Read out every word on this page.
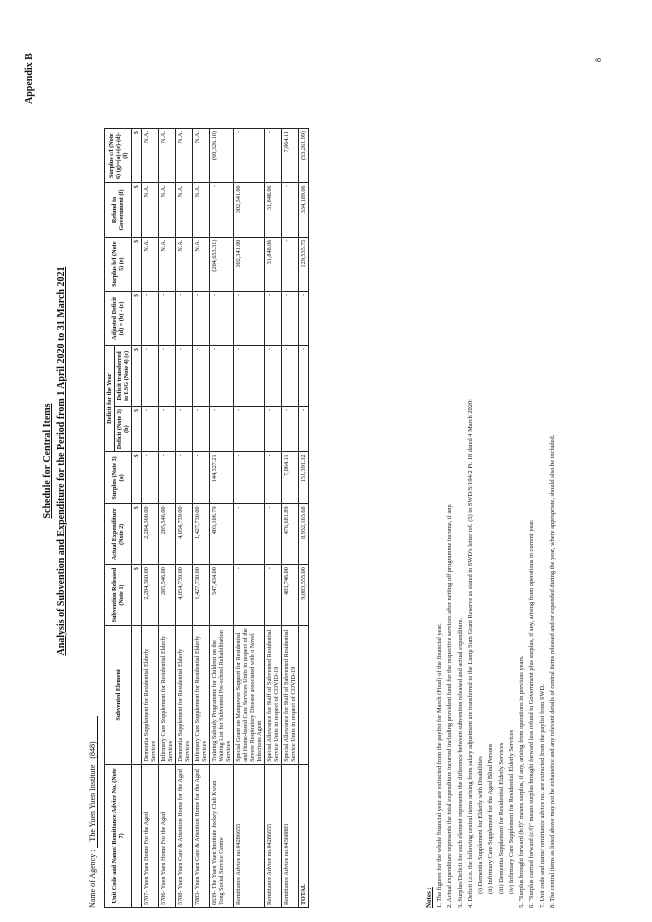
Appendix B	8
Schedule for Central Items Analysis of Subvention and Expenditure for the Period from 1 April 2020 to 31 March 2021
Name of Agency : The Yuen Yuen Institute   (848)
Unit Code and Name/ Remittance Advice No. (Note 7)	Subvented Element	Subvention Released (Note 1)	Actual Expenditure (Note 2)	Surplus (Note 3) (a)	Deficit for the Year		Adjusted Deficit (d) = (b) - (c)	Surplus b/f (Note 5) (e)	Refund to Government (f)	Surplus c/f (Note 6) (g)=(a)+(e)-(d)-(f)
					Deficit (Note 3) (b)	Deficit transferred to LSG (Note 4) (c)				
		$	$	$	$	$	$	$	$	$
5707- Yuen Yuen Home For the Aged	Dementia Supplement for Residential Elderly Services	2,284,360.00	2,284,360.00	-	-	-	-	N.A.	N.A.	N.A.
5706- Yuen Yuen Home For the Aged	Infirmary Care Supplement for Residential Elderly Services	285,546.00	285,546.00	-	-	-	-	N.A.	N.A.	N.A.
5708- Yuen Yuen Care & Attention Home for the Aged	Dementia Supplement for Residential Elderly Services	4,054,739.00	4,054,739.00	-	-	-	-	N.A.	N.A.	N.A.
7883- Yuen Yuen Care & Attention Home for the Aged	Infirmary Care Supplement for Residential Elderly Services	1,427,730.00	1,427,730.00	-	-	-	-	N.A.	N.A.	N.A.
6639- The Yuen Yuen Institute Jockey Club Kwun Tong Social Service Centre	Training Subsidy Programme for Children on the Waiting List for Subvented Pre-school Rehabilitation Services	547,434.00	403,106.79	144,327.21	-	-	-	(204,653.31)	-	(60,326.10)
Remittance Advice no.#4286655	Special Grant on Manpower Support for Residential and Home-based Care Services Units in respect of the Severe Respiratory Disease associated with a Novel Infectious Agent	-	-	-	-	-	-	302,341.00	302,341.00	-
Remittance Advice no.#4286655	Special Allowance for Staff of Subvented Residential Service Units in respect of COVID-19	-	-	-	-	-	-	31,848.06	31,848.06	-
Remittance Advice no.#4368883	Special Allowance for Staff of Subvented Residential Service Units in respect of COVID-19	483,746.00	476,681.89	7,064.11	-	-	-	-	-	7,064.11
TOTAL		9,083,555.00	8,932,163.68	151,391.32	-	-	-	129,535.75	334,189.06	(53,261.99)
Notes : 1. The figures for the whole financial year are extracted from the paylist for March (Final) of the financial year. 2. Actual expenditure represents the total expenditure incurred including provident fund for the respective services after netting off programme income, if any. 3. Surplus/Deficit for each element represents the difference between subvention released and actual expenditure. 4. Deficit i.r.o. the following central items arising from salary adjustment are transferred to the Lump Sum Grant Reserve as stated in SWD's letter ref. (5) in SWD/S/104/2 Pt. 18 dated 4 March 2020: (i) Dementia Supplement for Elderly with Disabilities (ii) Infirmary Care Supplement for the Aged Blind Persons (iii) Dementia Supplement for Residential Elderly Services (iv) Infirmary Care Supplement for Residential Elderly Services 5. "Surplus brought forward (b/f)" means surplus, if any, arising from operations in previous years. 6. "Surplus carried forward (c/f)" means surplus brought forward less refund to Government plus surplus, if any, arising from operations in current year. 7. Unit code and name/ remittance advice no. are extracted from the paylist from SWD. 8. The central items as listed above may not be exhaustive and any relevant details of central items released and/or expended during the year, where appropriate, should also be included.
